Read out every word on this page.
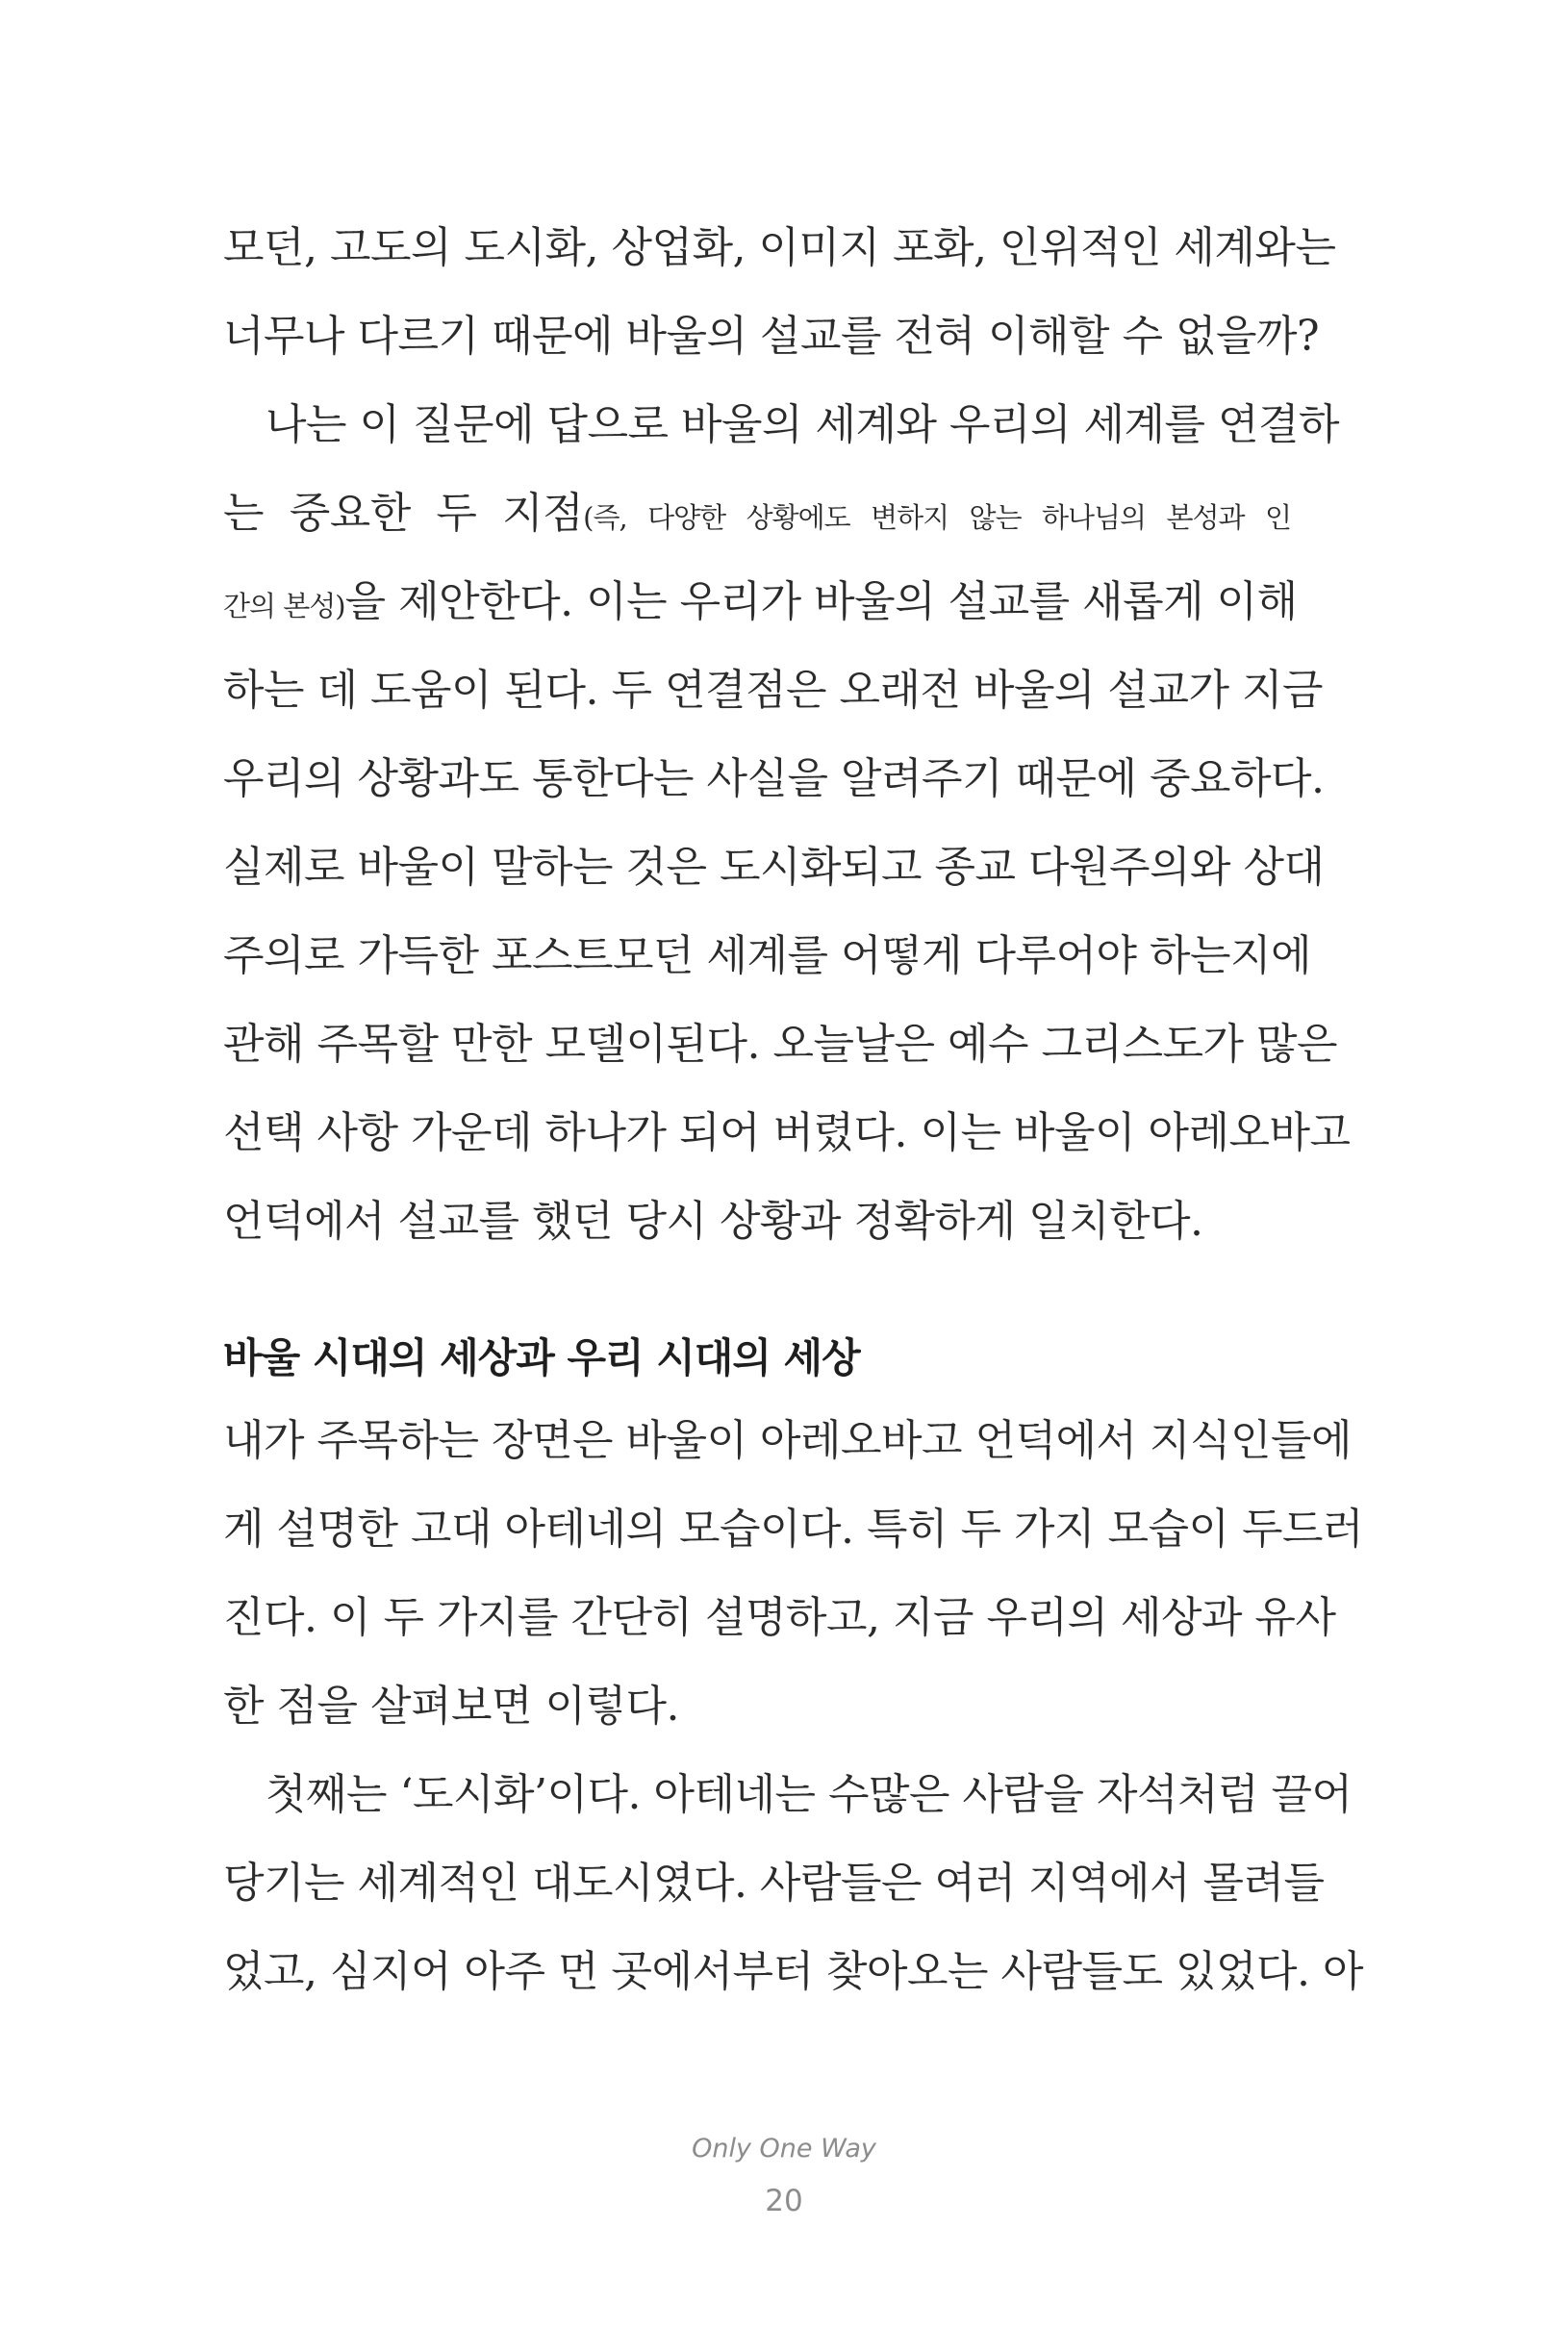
모던, 고도의 도시화, 상업화, 이미지 포화, 인위적인 세계와는
너무나 다르기 때문에 바울의 설교를 전혀 이해할 수 없을까?
나는 이 질문에 답으로 바울의 세계와 우리의 세계를 연결하
는 중요한 두 지점(즉, 다양한 상황에도 변하지 않는 하나님의 본성과 인
간의 본성)을 제안한다. 이는 우리가 바울의 설교를 새롭게 이해
하는 데 도움이 된다. 두 연결점은 오래전 바울의 설교가 지금
우리의 상황과도 통한다는 사실을 알려주기 때문에 중요하다.
실제로 바울이 말하는 것은 도시화되고 종교 다원주의와 상대
주의로 가득한 포스트모던 세계를 어떻게 다루어야 하는지에
관해 주목할 만한 모델이된다. 오늘날은 예수 그리스도가 많은
선택 사항 가운데 하나가 되어 버렸다. 이는 바울이 아레오바고
언덕에서 설교를 했던 당시 상황과 정확하게 일치한다.
바울 시대의 세상과 우리 시대의 세상
내가 주목하는 장면은 바울이 아레오바고 언덕에서 지식인들에
게 설명한 고대 아테네의 모습이다. 특히 두 가지 모습이 두드러
진다. 이 두 가지를 간단히 설명하고, 지금 우리의 세상과 유사
한 점을 살펴보면 이렇다.
첫째는 ‘도시화’이다. 아테네는 수많은 사람을 자석처럼 끌어
당기는 세계적인 대도시였다. 사람들은 여러 지역에서 몰려들
었고, 심지어 아주 먼 곳에서부터 찾아오는 사람들도 있었다. 아
Only One Way
20
